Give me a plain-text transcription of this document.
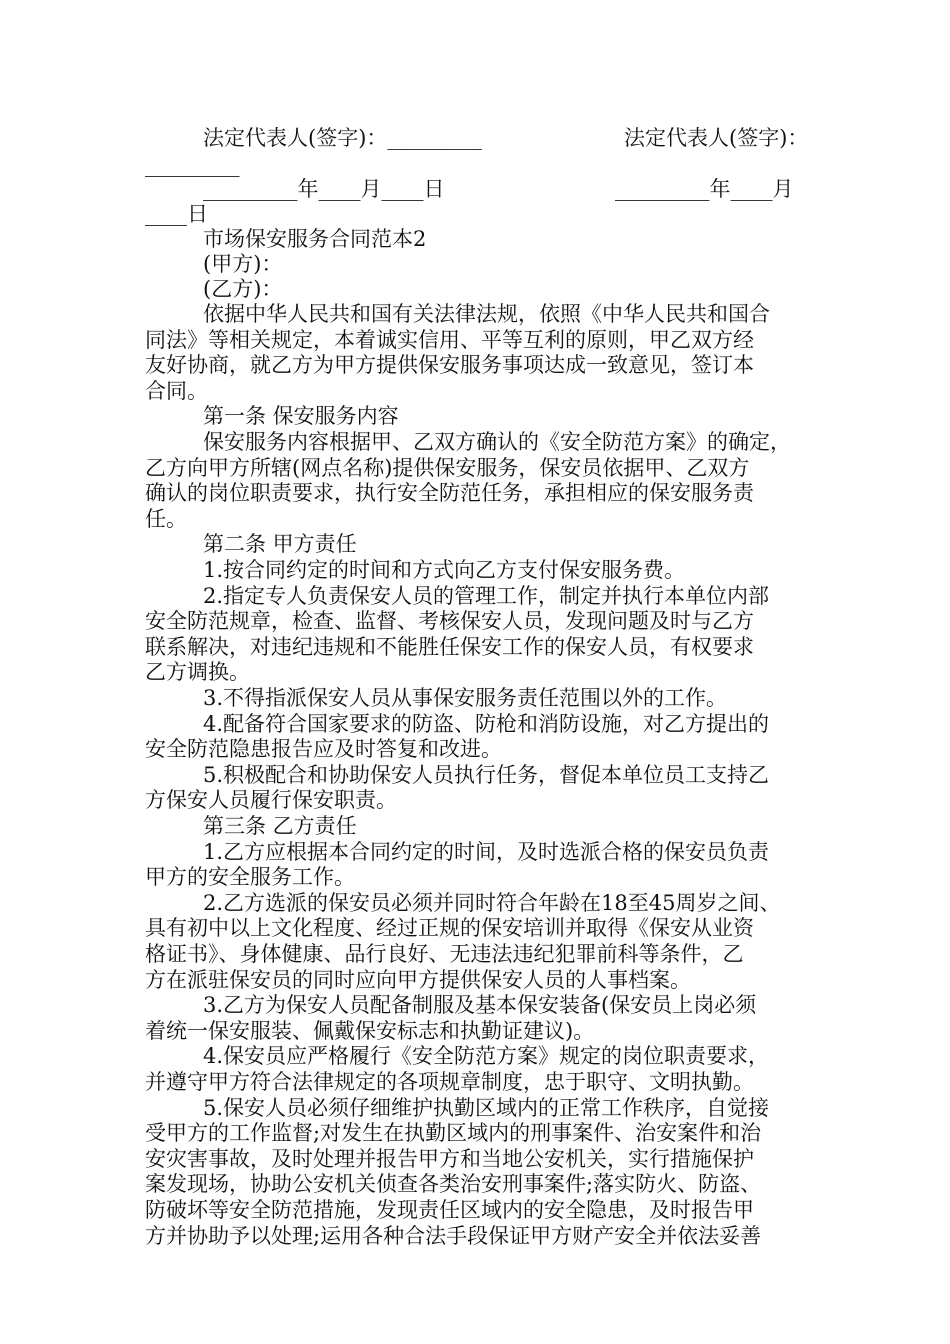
法定代表人(签字)：_________	法定代表人(签字)：
_________
_________年____月____日	_________年____月
____日
市场保安服务合同范本2
(甲方)：
(乙方)：
依据中华人民共和国有关法律法规，依照《中华人民共和国合
同法》等相关规定，本着诚实信用、平等互利的原则，甲乙双方经
友好协商，就乙方为甲方提供保安服务事项达成一致意见，签订本
合同。
第一条 保安服务内容
保安服务内容根据甲、乙双方确认的《安全防范方案》的确定，
乙方向甲方所辖(网点名称)提供保安服务，保安员依据甲、乙双方
确认的岗位职责要求，执行安全防范任务，承担相应的保安服务责
任。
第二条 甲方责任
1.按合同约定的时间和方式向乙方支付保安服务费。
2.指定专人负责保安人员的管理工作，制定并执行本单位内部
安全防范规章，检查、监督、考核保安人员，发现问题及时与乙方
联系解决，对违纪违规和不能胜任保安工作的保安人员，有权要求
乙方调换。
3.不得指派保安人员从事保安服务责任范围以外的工作。
4.配备符合国家要求的防盗、防枪和消防设施，对乙方提出的
安全防范隐患报告应及时答复和改进。
5.积极配合和协助保安人员执行任务，督促本单位员工支持乙
方保安人员履行保安职责。
第三条 乙方责任
1.乙方应根据本合同约定的时间，及时选派合格的保安员负责
甲方的安全服务工作。
2.乙方选派的保安员必须并同时符合年龄在18至45周岁之间、
具有初中以上文化程度、经过正规的保安培训并取得《保安从业资
格证书》、身体健康、品行良好、无违法违纪犯罪前科等条件，乙
方在派驻保安员的同时应向甲方提供保安人员的人事档案。
3.乙方为保安人员配备制服及基本保安装备(保安员上岗必须
着统一保安服装、佩戴保安标志和执勤证建议)。
4.保安员应严格履行《安全防范方案》规定的岗位职责要求，
并遵守甲方符合法律规定的各项规章制度，忠于职守、文明执勤。
5.保安人员必须仔细维护执勤区域内的正常工作秩序，自觉接
受甲方的工作监督;对发生在执勤区域内的刑事案件、治安案件和治
安灾害事故，及时处理并报告甲方和当地公安机关，实行措施保护
案发现场，协助公安机关侦查各类治安刑事案件;落实防火、防盗、
防破坏等安全防范措施，发现责任区域内的安全隐患，及时报告甲
方并协助予以处理;运用各种合法手段保证甲方财产安全并依法妥善
